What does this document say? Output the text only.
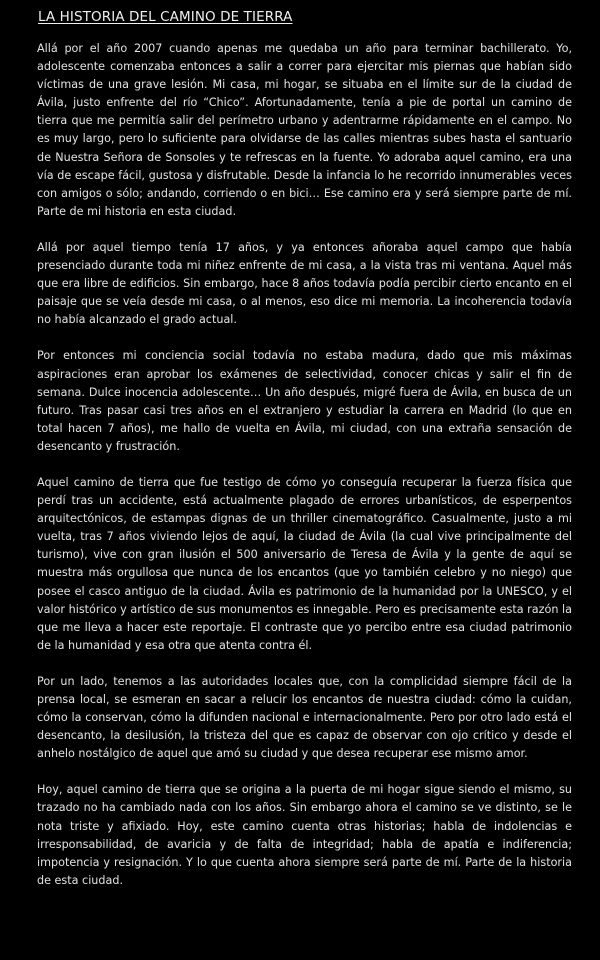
LA HISTORIA DEL CAMINO DE TIERRA

Allá por el año 2007 cuando apenas me quedaba un año para terminar bachillerato. Yo, adolescente comenzaba entonces a salir a correr para ejercitar mis piernas que habían sido víctimas de una grave lesión. Mi casa, mi hogar, se situaba en el límite sur de la ciudad de Ávila, justo enfrente del río “Chico”. Afortunadamente, tenía a pie de portal un camino de tierra que me permitía salir del perímetro urbano y adentrarme rápidamente en el campo. No es muy largo, pero lo suficiente para olvidarse de las calles mientras subes hasta el santuario de Nuestra Señora de Sonsoles y te refrescas en la fuente. Yo adoraba aquel camino, era una vía de escape fácil, gustosa y disfrutable. Desde la infancia lo he recorrido innumerables veces con amigos o sólo; andando, corriendo o en bici… Ese camino era y será siempre parte de mí. Parte de mi historia en esta ciudad.

Allá por aquel tiempo tenía 17 años, y ya entonces añoraba aquel campo que había presenciado durante toda mi niñez enfrente de mi casa, a la vista tras mi ventana. Aquel más que era libre de edificios. Sin embargo, hace 8 años todavía podía percibir cierto encanto en el paisaje que se veía desde mi casa, o al menos, eso dice mi memoria. La incoherencia todavía no había alcanzado el grado actual.

Por entonces mi conciencia social todavía no estaba madura, dado que mis máximas aspiraciones eran aprobar los exámenes de selectividad, conocer chicas y salir el fin de semana. Dulce inocencia adolescente… Un año después, migré fuera de Ávila, en busca de un futuro. Tras pasar casi tres años en el extranjero y estudiar la carrera en Madrid (lo que en total hacen 7 años), me hallo de vuelta en Ávila, mi ciudad, con una extraña sensación de desencanto y frustración.

Aquel camino de tierra que fue testigo de cómo yo conseguía recuperar la fuerza física que perdí tras un accidente, está actualmente plagado de errores urbanísticos, de esperpentos arquitectónicos, de estampas dignas de un thriller cinematográfico. Casualmente, justo a mi vuelta, tras 7 años viviendo lejos de aquí, la ciudad de Ávila (la cual vive principalmente del turismo), vive con gran ilusión el 500 aniversario de Teresa de Ávila y la gente de aquí se muestra más orgullosa que nunca de los encantos (que yo también celebro y no niego) que posee el casco antiguo de la ciudad. Ávila es patrimonio de la humanidad por la UNESCO, y el valor histórico y artístico de sus monumentos es innegable. Pero es precisamente esta razón la que me lleva a hacer este reportaje. El contraste que yo percibo entre esa ciudad patrimonio de la humanidad y esa otra que atenta contra él.

Por un lado, tenemos a las autoridades locales que, con la complicidad siempre fácil de la prensa local, se esmeran en sacar a relucir los encantos de nuestra ciudad: cómo la cuidan, cómo la conservan, cómo la difunden nacional e internacionalmente. Pero por otro lado está el desencanto, la desilusión, la tristeza del que es capaz de observar con ojo crítico y desde el anhelo nostálgico de aquel que amó su ciudad y que desea recuperar ese mismo amor.

Hoy, aquel camino de tierra que se origina a la puerta de mi hogar sigue siendo el mismo, su trazado no ha cambiado nada con los años. Sin embargo ahora el camino se ve distinto, se le nota triste y afixiado. Hoy, este camino cuenta otras historias; habla de indolencias e irresponsabilidad, de avaricia y de falta de integridad; habla de apatía e indiferencia; impotencia y resignación. Y lo que cuenta ahora siempre será parte de mí. Parte de la historia de esta ciudad.
